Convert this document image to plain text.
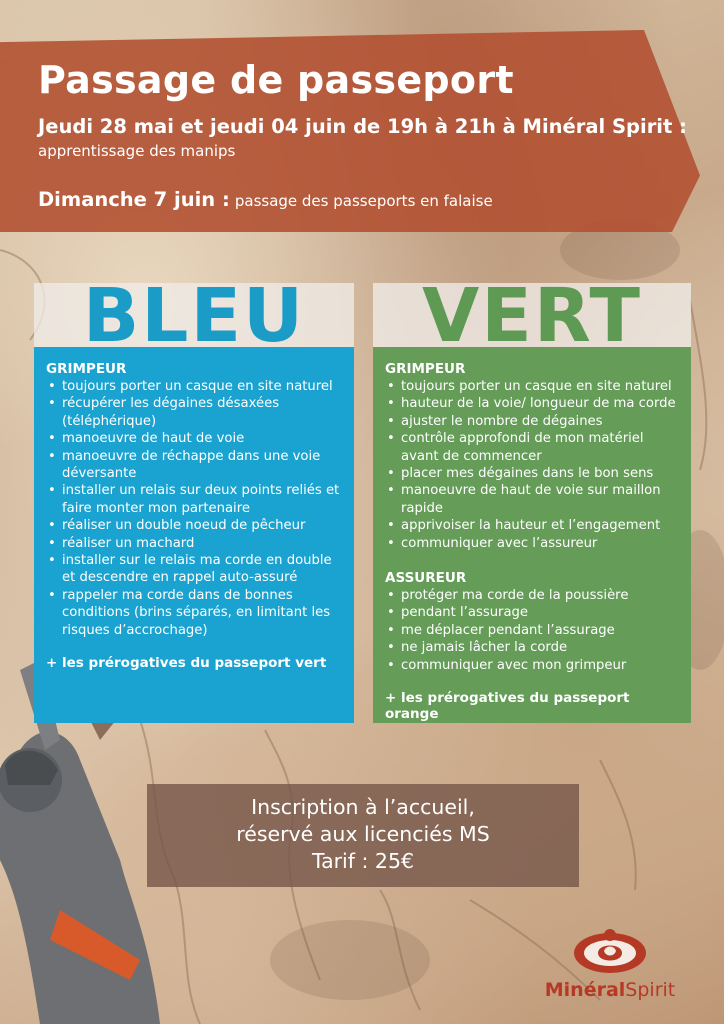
Passage de passeport
Jeudi 28 mai et jeudi 04 juin de 19h à 21h à Minéral Spirit :
apprentissage des manips
Dimanche 7 juin : passage des passeports en falaise
BLEU
GRIMPEUR
• toujours porter un casque en site naturel
• récupérer les dégaines désaxées (téléphérique)
• manoeuvre de haut de voie
• manoeuvre de réchappe dans une voie déversante
• installer un relais sur deux points reliés et faire monter mon partenaire
• réaliser un double noeud de pêcheur
• réaliser un machard
• installer sur le relais ma corde en double et descendre en rappel auto-assuré
• rappeler ma corde dans de bonnes conditions (brins séparés, en limitant les risques d’accrochage)
+ les prérogatives du passeport vert
VERT
GRIMPEUR
• toujours porter un casque en site naturel
• hauteur de la voie/ longueur de ma corde
• ajuster le nombre de dégaines
• contrôle approfondi de mon matériel avant de commencer
• placer mes dégaines dans le bon sens
• manoeuvre de haut de voie sur maillon rapide
• apprivoiser la hauteur et l’engagement
• communiquer avec l’assureur
ASSUREUR
• protéger ma corde de la poussière
• pendant l’assurage
• me déplacer pendant l’assurage
• ne jamais lâcher la corde
• communiquer avec mon grimpeur
+ les prérogatives du passeport orange
Inscription à l’accueil,
réservé aux licenciés MS
Tarif : 25€
MinéralSpirit
